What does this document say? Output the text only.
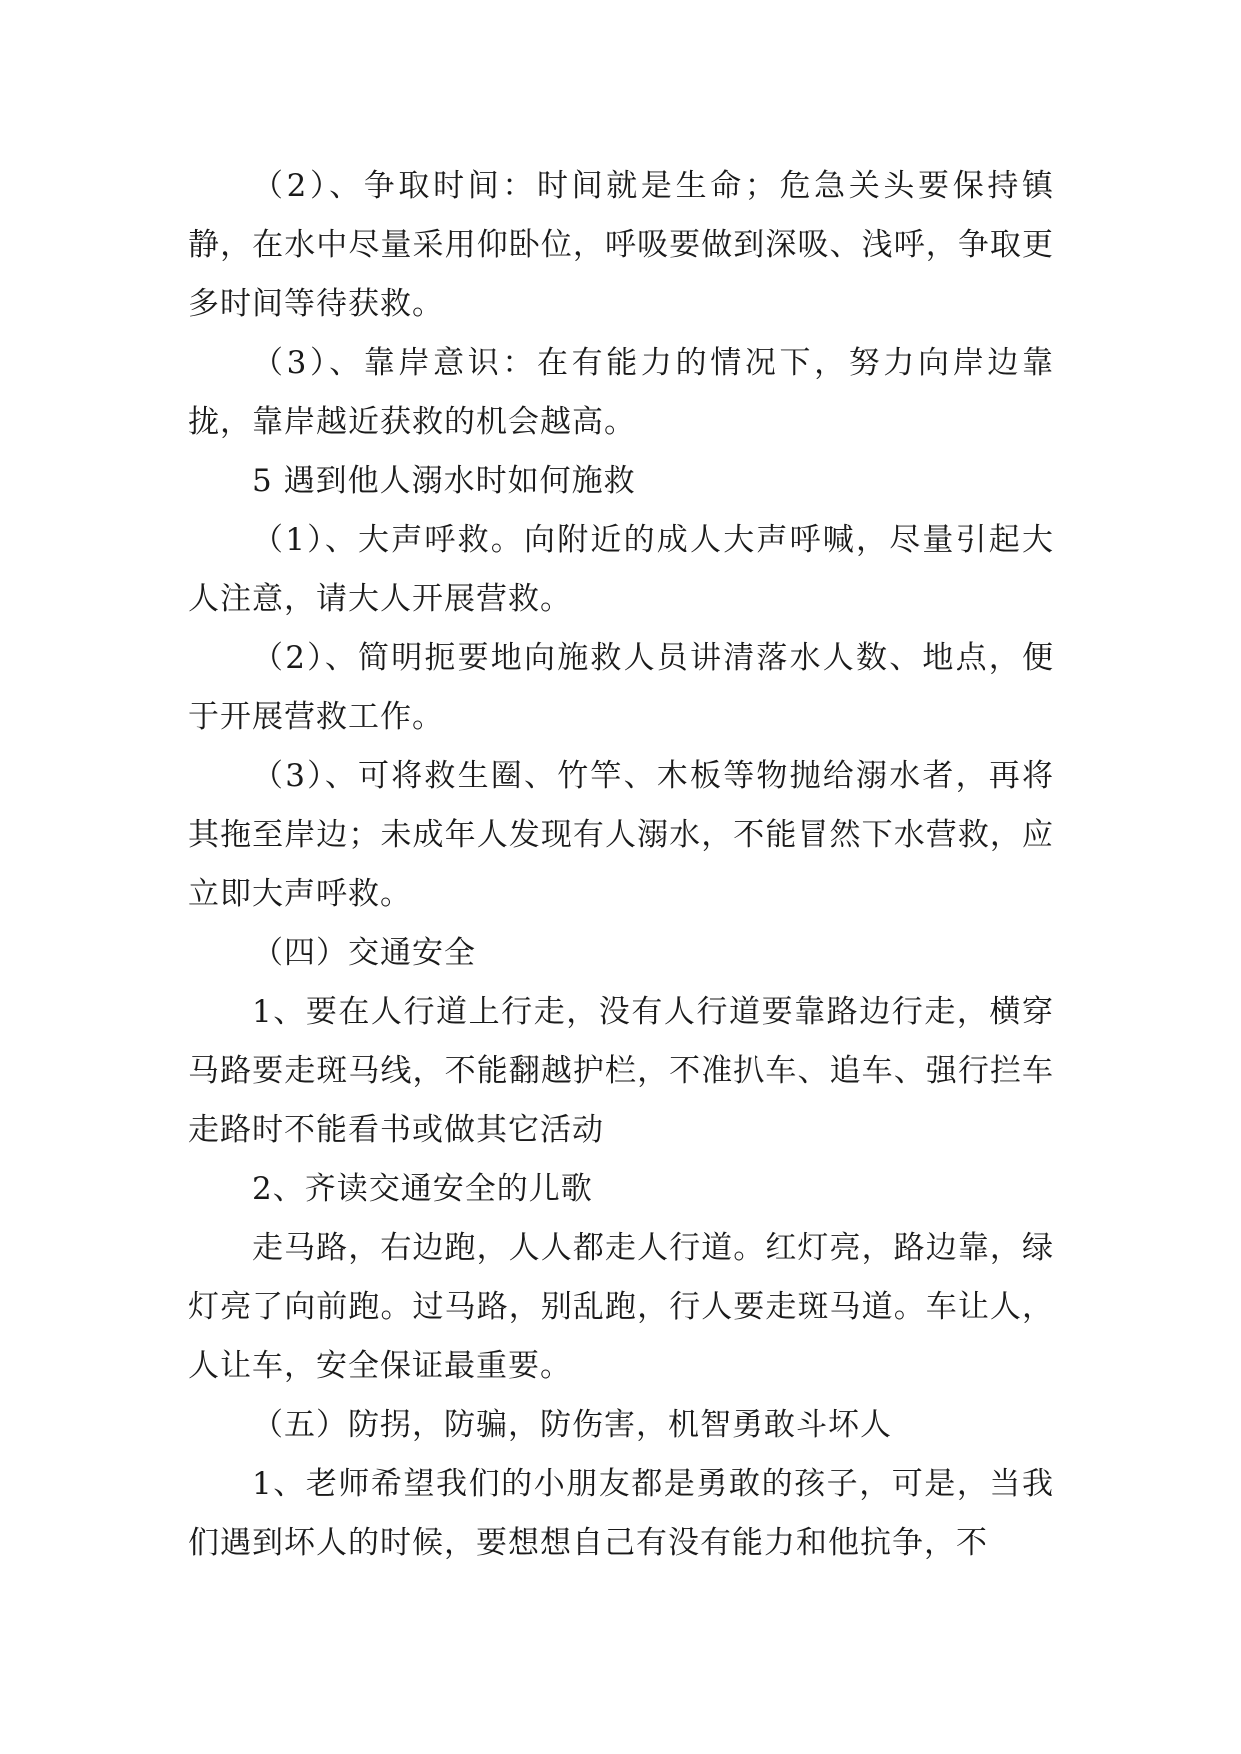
（2）、争取时间：时间就是生命；危急关头要保持镇静，在水中尽量采用仰卧位，呼吸要做到深吸、浅呼，争取更多时间等待获救。

（3）、靠岸意识：在有能力的情况下，努力向岸边靠拢，靠岸越近获救的机会越高。

5 遇到他人溺水时如何施救

（1）、大声呼救。向附近的成人大声呼喊，尽量引起大人注意，请大人开展营救。

（2）、简明扼要地向施救人员讲清落水人数、地点，便于开展营救工作。

（3）、可将救生圈、竹竿、木板等物抛给溺水者，再将其拖至岸边；未成年人发现有人溺水，不能冒然下水营救，应立即大声呼救。

（四）交通安全

1、要在人行道上行走，没有人行道要靠路边行走，横穿马路要走斑马线，不能翻越护栏，不准扒车、追车、强行拦车走路时不能看书或做其它活动

2、齐读交通安全的儿歌

走马路，右边跑，人人都走人行道。红灯亮，路边靠，绿灯亮了向前跑。过马路，别乱跑，行人要走斑马道。车让人，人让车，安全保证最重要。

（五）防拐，防骗，防伤害，机智勇敢斗坏人

1、老师希望我们的小朋友都是勇敢的孩子，可是，当我们遇到坏人的时候，要想想自己有没有能力和他抗争，不
